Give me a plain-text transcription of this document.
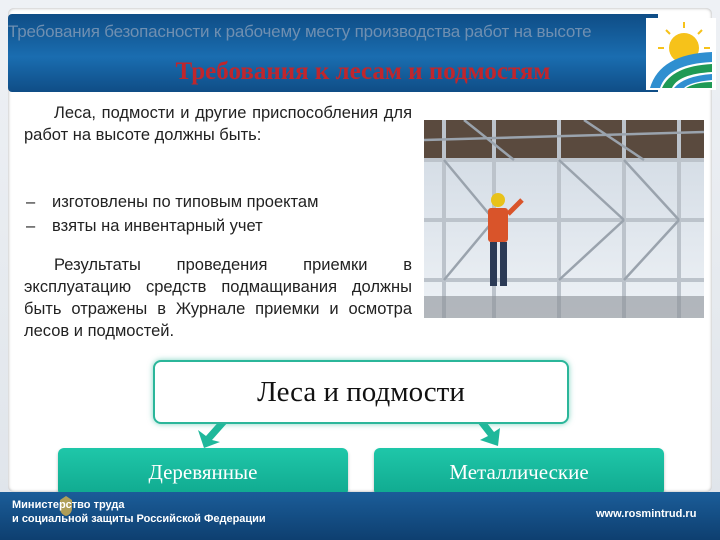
Требования безопасности к рабочему месту производства работ на высоте
Требования к лесам и подмостям
Леса, подмости и другие приспособления для работ на высоте должны быть:
– изготовлены по типовым проектам
– взяты на инвентарный учет
Результаты проведения приемки в эксплуатацию средств подмащивания должны быть отражены в Журнале приемки и осмотра лесов и подмостей.
Леса и подмости
Деревянные	Металлические
Министерство труда
и социальной защиты Российской Федерации	www.rosmintrud.ru
